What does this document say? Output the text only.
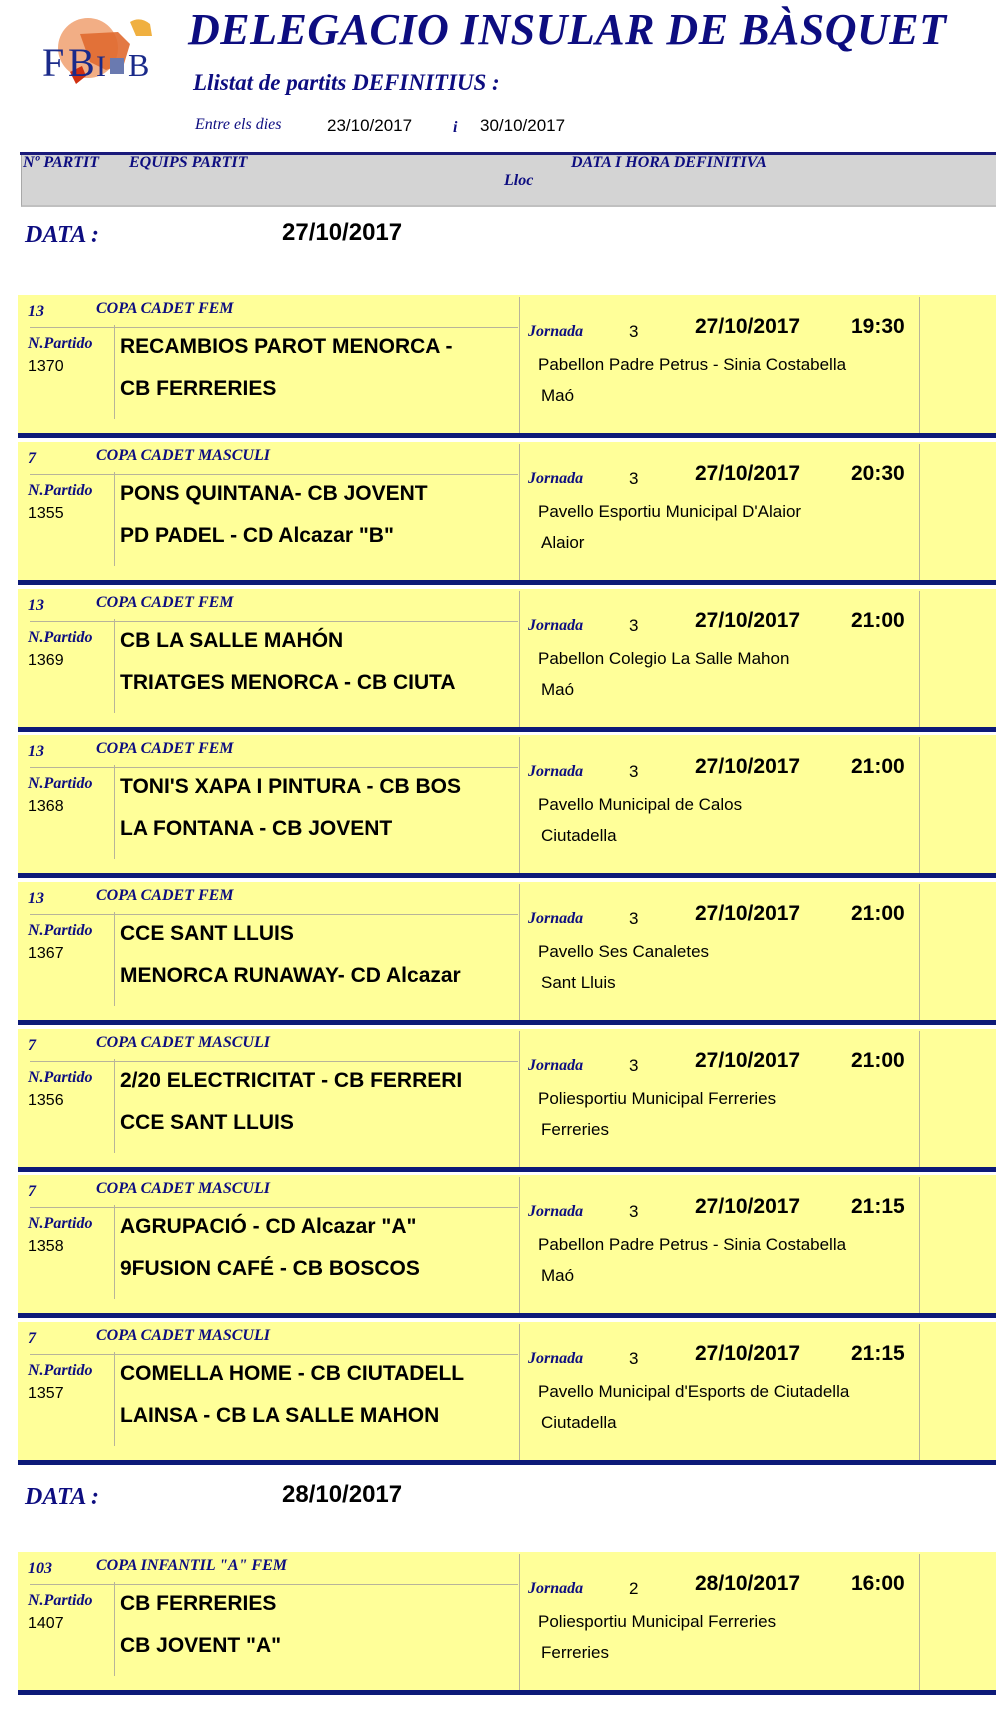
F B I B
DELEGACIO INSULAR DE BÀSQUET
Llistat de partits DEFINITIUS :
Entre els dies	23/10/2017	i 30/10/2017
Nº PARTIT EQUIPS PARTIT	DATA I HORA DEFINITIVA
Lloc
DATA :	27/10/2017
13	COPA CADET FEM
N.Partido
1370
RECAMBIOS PAROT MENORCA -
CB FERRERIES
Jornada	3	27/10/2017 19:30
Pabellon Padre Petrus - Sinia Costabella
Maó
7	COPA CADET MASCULI
N.Partido
1355
PONS QUINTANA- CB JOVENT
PD PADEL - CD Alcazar "B"
Jornada	3	27/10/2017 20:30
Pavello Esportiu Municipal D'Alaior
Alaior
13	COPA CADET FEM
N.Partido
1369
CB LA SALLE MAHÓN
TRIATGES MENORCA - CB CIUTA
Jornada	3	27/10/2017 21:00
Pabellon Colegio La Salle Mahon
Maó
13	COPA CADET FEM
N.Partido
1368
TONI'S XAPA I PINTURA - CB BOS
LA FONTANA - CB JOVENT
Jornada	3	27/10/2017 21:00
Pavello Municipal de Calos
Ciutadella
13	COPA CADET FEM
N.Partido
1367
CCE SANT LLUIS
MENORCA RUNAWAY- CD Alcazar
Jornada	3	27/10/2017 21:00
Pavello Ses Canaletes
Sant Lluis
7	COPA CADET MASCULI
N.Partido
1356
2/20 ELECTRICITAT - CB FERRERI
CCE SANT LLUIS
Jornada	3	27/10/2017 21:00
Poliesportiu Municipal Ferreries
Ferreries
7	COPA CADET MASCULI
N.Partido
1358
AGRUPACIÓ - CD Alcazar "A"
9FUSION CAFÉ - CB BOSCOS
Jornada	3	27/10/2017 21:15
Pabellon Padre Petrus - Sinia Costabella
Maó
7	COPA CADET MASCULI
N.Partido
1357
COMELLA HOME - CB CIUTADELL
LAINSA - CB LA SALLE MAHON
Jornada	3	27/10/2017 21:15
Pavello Municipal d'Esports de Ciutadella
Ciutadella
103	COPA INFANTIL "A" FEM
N.Partido
1407
CB FERRERIES
CB JOVENT "A"
Jornada	2	28/10/2017 16:00
Poliesportiu Municipal Ferreries
Ferreries
DATA :	28/10/2017
